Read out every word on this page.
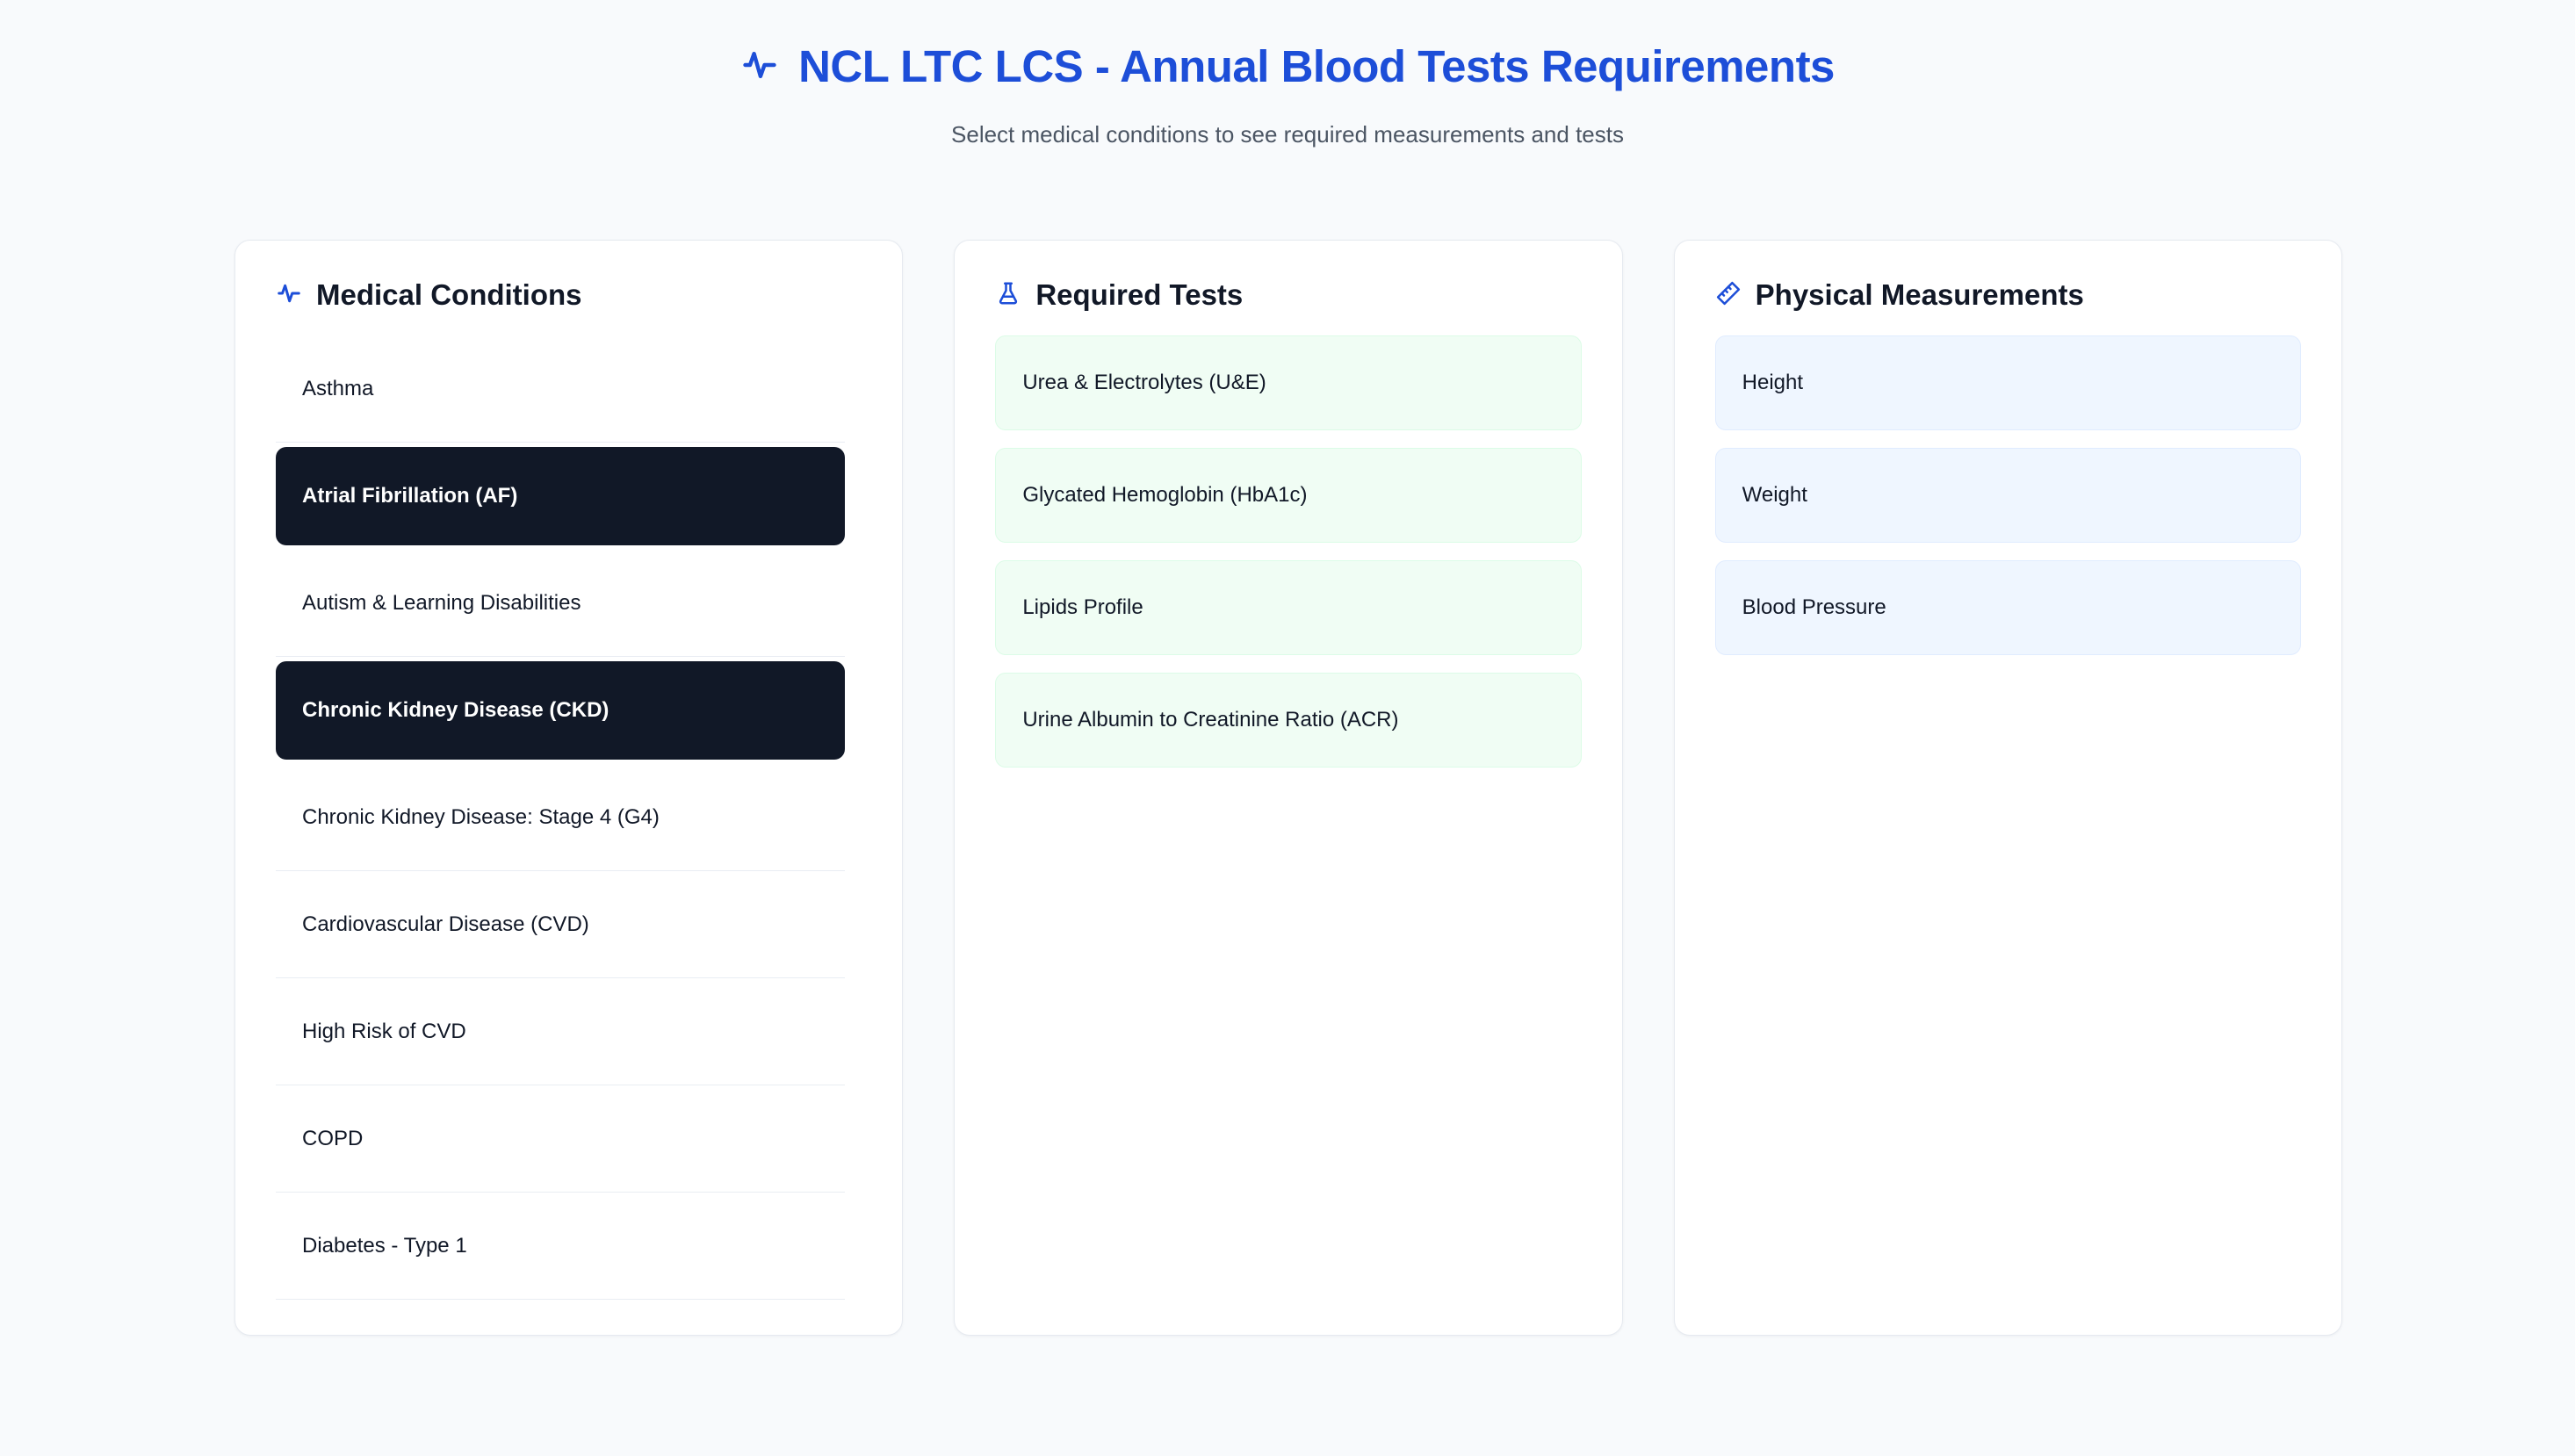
NCL LTC LCS - Annual Blood Tests Requirements
Select medical conditions to see required measurements and tests
Medical Conditions
Asthma
Atrial Fibrillation (AF)
Autism & Learning Disabilities
Chronic Kidney Disease (CKD)
Chronic Kidney Disease: Stage 4 (G4)
Cardiovascular Disease (CVD)
High Risk of CVD
COPD
Diabetes - Type 1
Required Tests
Urea & Electrolytes (U&E)
Glycated Hemoglobin (HbA1c)
Lipids Profile
Urine Albumin to Creatinine Ratio (ACR)
Physical Measurements
Height
Weight
Blood Pressure
